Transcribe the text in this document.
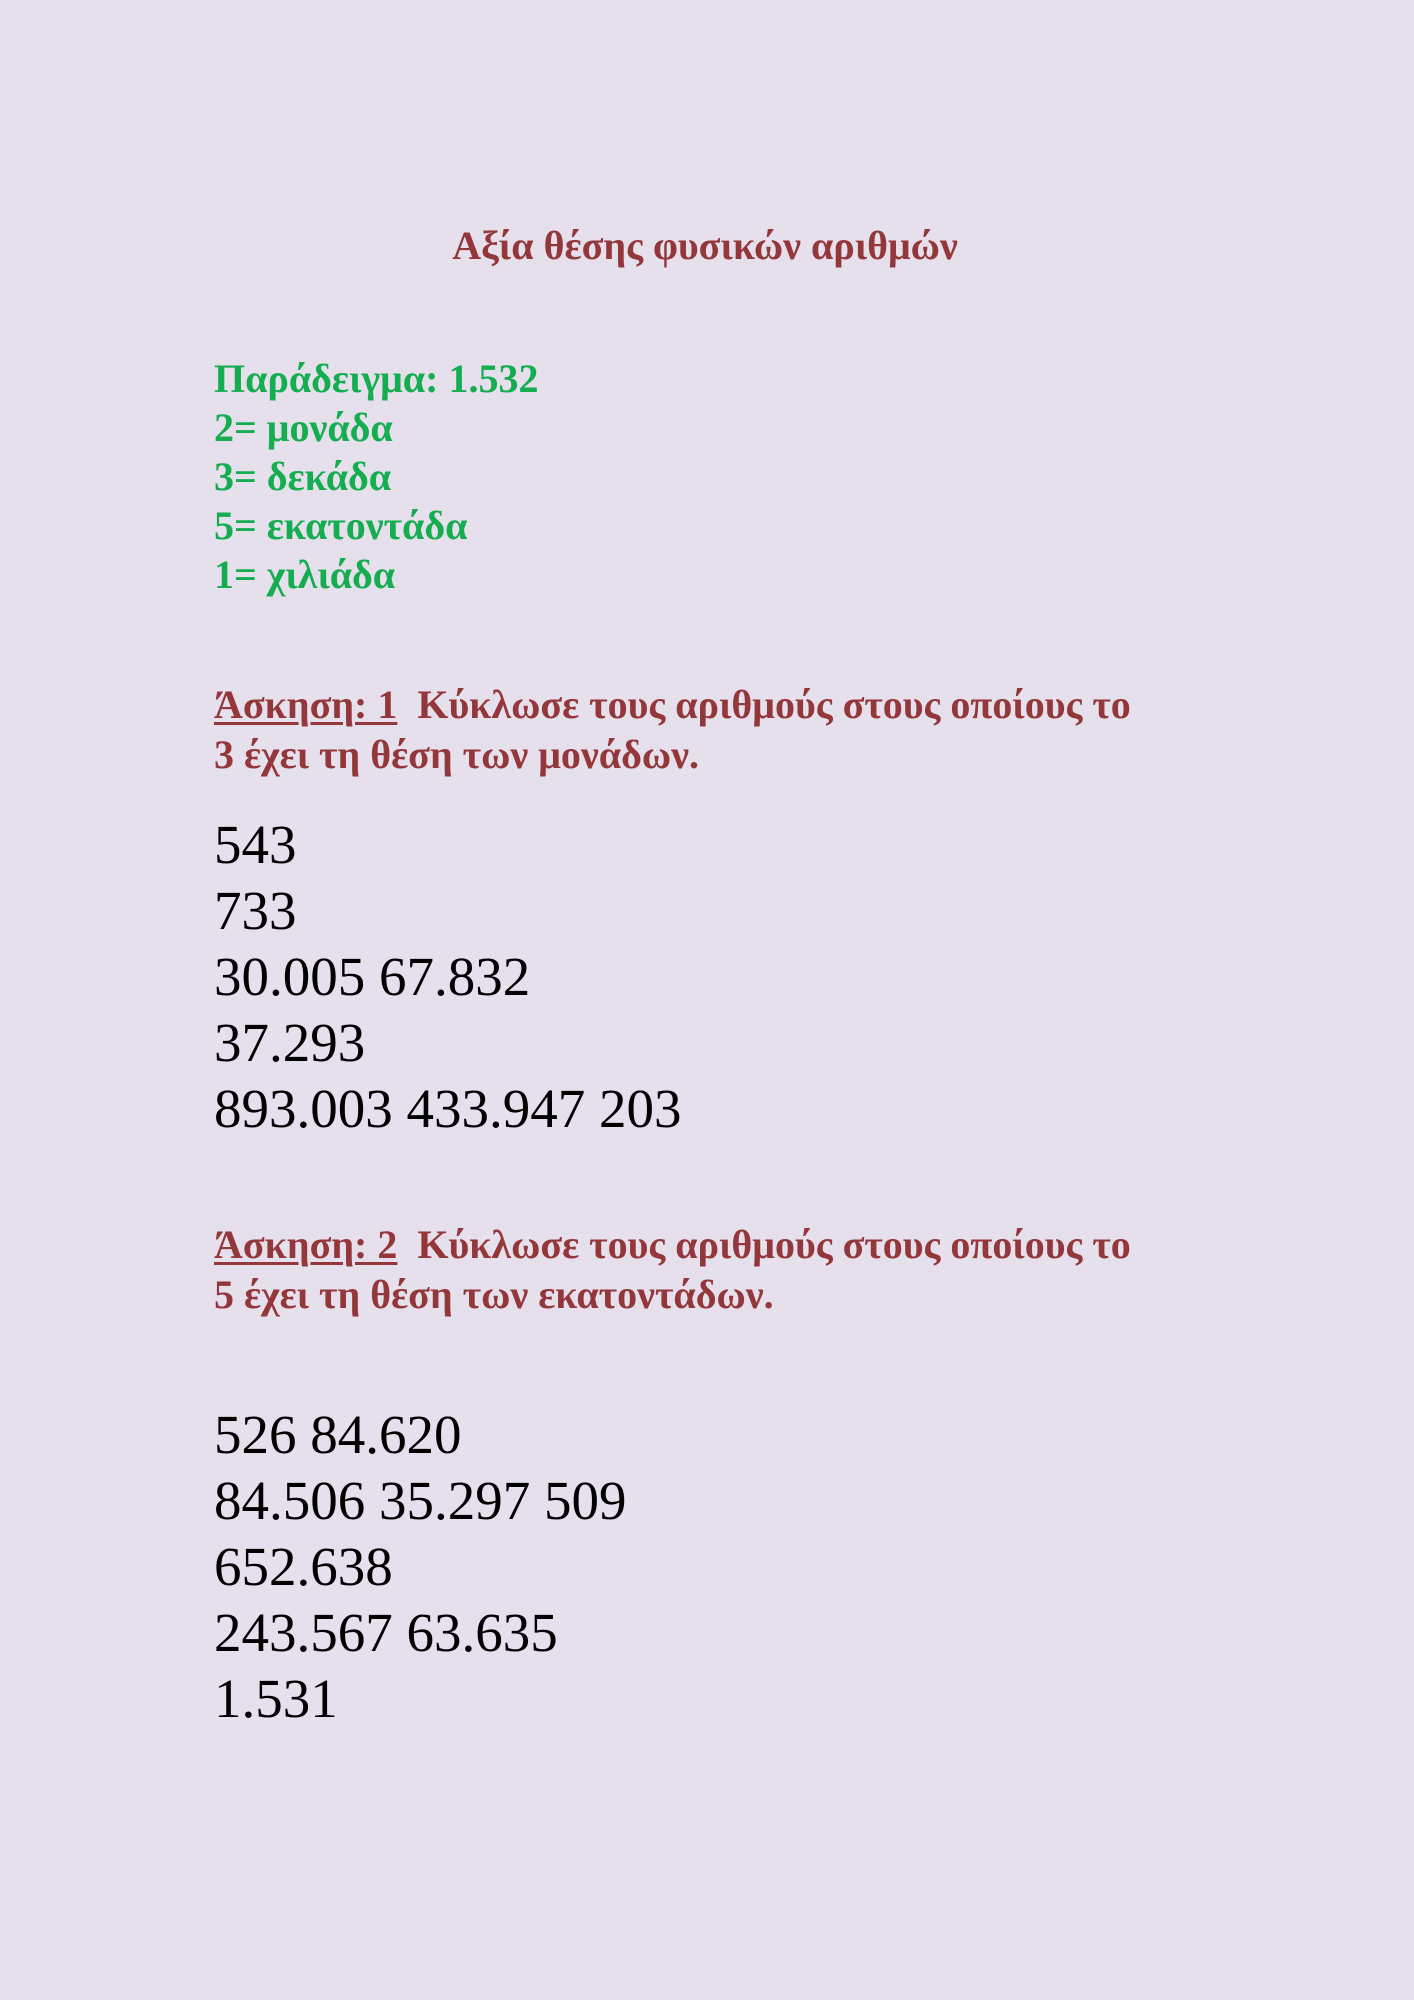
Αξία θέσης φυσικών αριθμών
Παράδειγμα: 1.532
2= μονάδα
3= δεκάδα
5= εκατοντάδα
1= χιλιάδα
Άσκηση: 1 Κύκλωσε τους αριθμούς στους οποίους το
3 έχει τη θέση των μονάδων.
543
733
30.005 67.832
37.293
893.003 433.947 203
Άσκηση: 2 Κύκλωσε τους αριθμούς στους οποίους το
5 έχει τη θέση των εκατοντάδων.
526 84.620
84.506 35.297 509
652.638
243.567 63.635
1.531
